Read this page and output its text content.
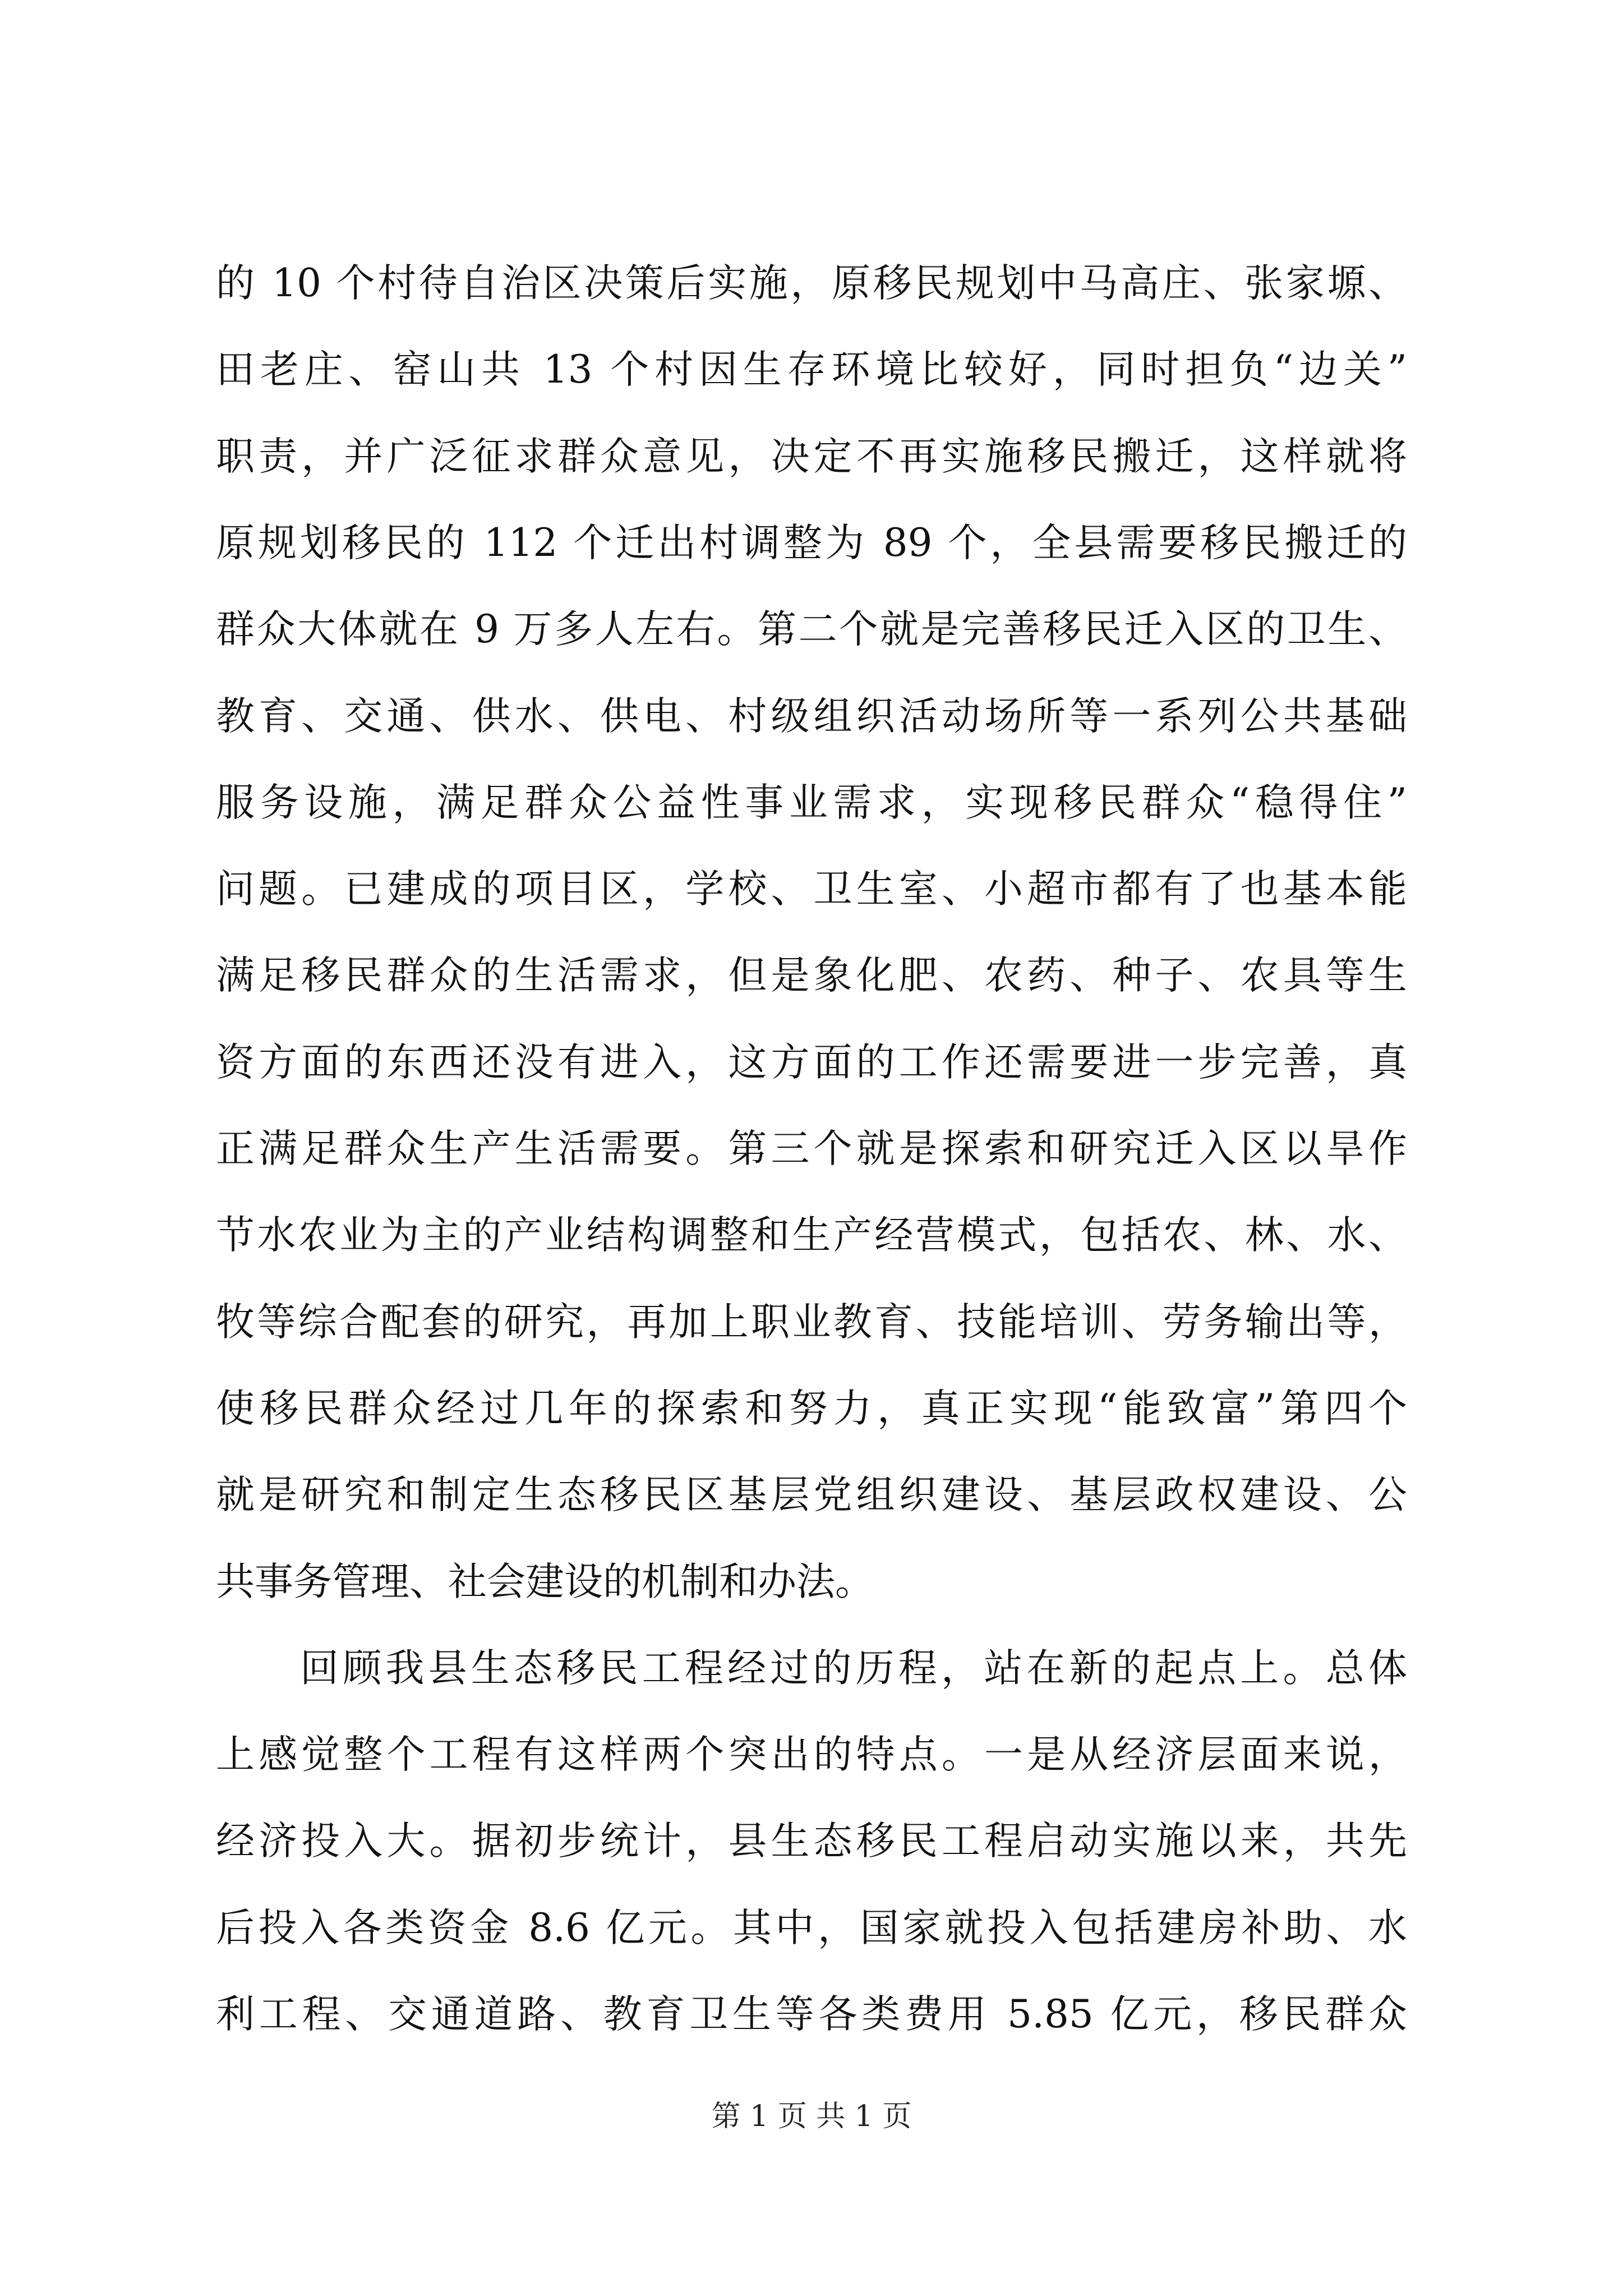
的 10 个村待自治区决策后实施，原移民规划中马高庄、张家塬、
田老庄、窑山共 13 个村因生存环境比较好，同时担负“边关”
职责，并广泛征求群众意见，决定不再实施移民搬迁，这样就将
原规划移民的 112 个迁出村调整为 89 个，全县需要移民搬迁的
群众大体就在 9 万多人左右。第二个就是完善移民迁入区的卫生、
教育、交通、供水、供电、村级组织活动场所等一系列公共基础
服务设施，满足群众公益性事业需求，实现移民群众“稳得住”
问题。已建成的项目区，学校、卫生室、小超市都有了也基本能
满足移民群众的生活需求，但是象化肥、农药、种子、农具等生
资方面的东西还没有进入，这方面的工作还需要进一步完善，真
正满足群众生产生活需要。第三个就是探索和研究迁入区以旱作
节水农业为主的产业结构调整和生产经营模式，包括农、林、水、
牧等综合配套的研究，再加上职业教育、技能培训、劳务输出等，
使移民群众经过几年的探索和努力，真正实现“能致富”第四个
就是研究和制定生态移民区基层党组织建设、基层政权建设、公
共事务管理、社会建设的机制和办法。
回顾我县生态移民工程经过的历程，站在新的起点上。总体
上感觉整个工程有这样两个突出的特点。一是从经济层面来说，
经济投入大。据初步统计，县生态移民工程启动实施以来，共先
后投入各类资金 8.6 亿元。其中，国家就投入包括建房补助、水
利工程、交通道路、教育卫生等各类费用 5.85 亿元，移民群众
第 1 页 共 1 页
